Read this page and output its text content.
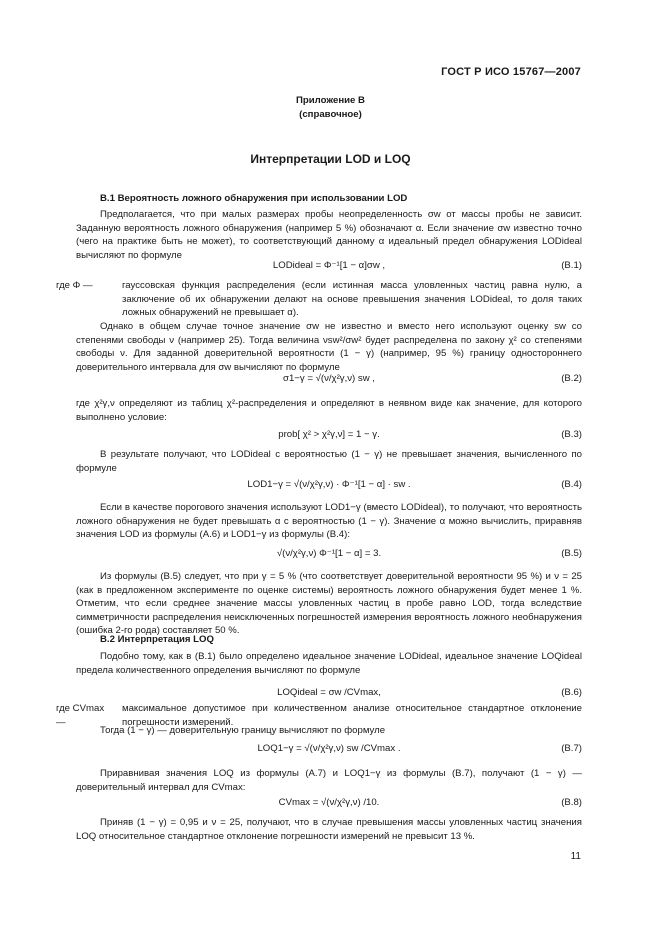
ГОСТ Р ИСО 15767—2007
Приложение В
(справочное)
Интерпретации LOD и LOQ
В.1 Вероятность ложного обнаружения при использовании LOD

Предполагается, что при малых размерах пробы неопределенность σw от массы пробы не зависит. Заданную вероятность ложного обнаружения (например 5 %) обозначают α. Если значение σw известно точно (чего на практике быть не может), то соответствующий данному α идеальный предел обнаружения LODideal вычисляют по формуле

LODideal = Φ⁻¹[1 − α]σw ,	(В.1)
где Φ —	гауссовская функция распределения (если истинная масса уловленных частиц равна нулю, а заключение об их обнаружении делают на основе превышения значения LODideal, то доля таких ложных обнаружений не превышает α).

Однако в общем случае точное значение σw не известно и вместо него используют оценку sw со степенями свободы ν (например 25). Тогда величина νsw²/σw² будет распределена по закону χ² со степенями свободы ν. Для заданной доверительной вероятности (1 − γ) (например, 95 %) границу одностороннего доверительного интервала для σw вычисляют по формуле

σ1−γ = √(ν/χ²γ,ν) sw ,	(В.2)

где χ²γ,ν определяют из таблиц χ²-распределения и определяют в неявном виде как значение, для которого выполнено условие:

prob[ χ² > χ²γ,ν] = 1 − γ.	(В.3)

В результате получают, что LODideal с вероятностью (1 − γ) не превышает значения, вычисленного по формуле

LOD1−γ = √(ν/χ²γ,ν) · Φ⁻¹[1 − α] · sw .	(В.4)

Если в качестве порогового значения используют LOD1−γ (вместо LODideal), то получают, что вероятность ложного обнаружения не будет превышать α с вероятностью (1 − γ). Значение α можно вычислить, приравняв значения LOD из формулы (А.6) и LOD1−γ из формулы (В.4):

√(ν/χ²γ,ν) Φ⁻¹[1 − α] = 3.	(В.5)

Из формулы (В.5) следует, что при γ = 5 % (что соответствует доверительной вероятности 95 %) и ν = 25 (как в предложенном эксперименте по оценке системы) вероятность ложного обнаружения будет менее 1 %. Отметим, что если среднее значение массы уловленных частиц в пробе равно LOD, тогда вследствие симметричности распределения неисключенных погрешностей измерения вероятность ложного необнаружения (ошибка 2-го рода) составляет 50 %.

В.2 Интерпретация LOQ

Подобно тому, как в (В.1) было определено идеальное значение LODideal, идеальное значение LOQideal предела количественного определения вычисляют по формуле

LOQideal = σw /CVmax,	(В.6)
где CVmax —
максимальное допустимое при количественном анализе относительное стандартное отклонение погрешности измерений.

Тогда (1 − γ) — доверительную границу вычисляют по формуле

LOQ1−γ = √(ν/χ²γ,ν) sw /CVmax .	(В.7)

Приравнивая значения LOQ из формулы (А.7) и LOQ1−γ из формулы (В.7), получают (1 − γ) — доверительный интервал для CVmax:

CVmax = √(ν/χ²γ,ν) /10.	(В.8)

Приняв (1 − γ) = 0,95 и ν = 25, получают, что в случае превышения массы уловленных частиц значения LOQ относительное стандартное отклонение погрешности измерений не превысит 13 %.

11
